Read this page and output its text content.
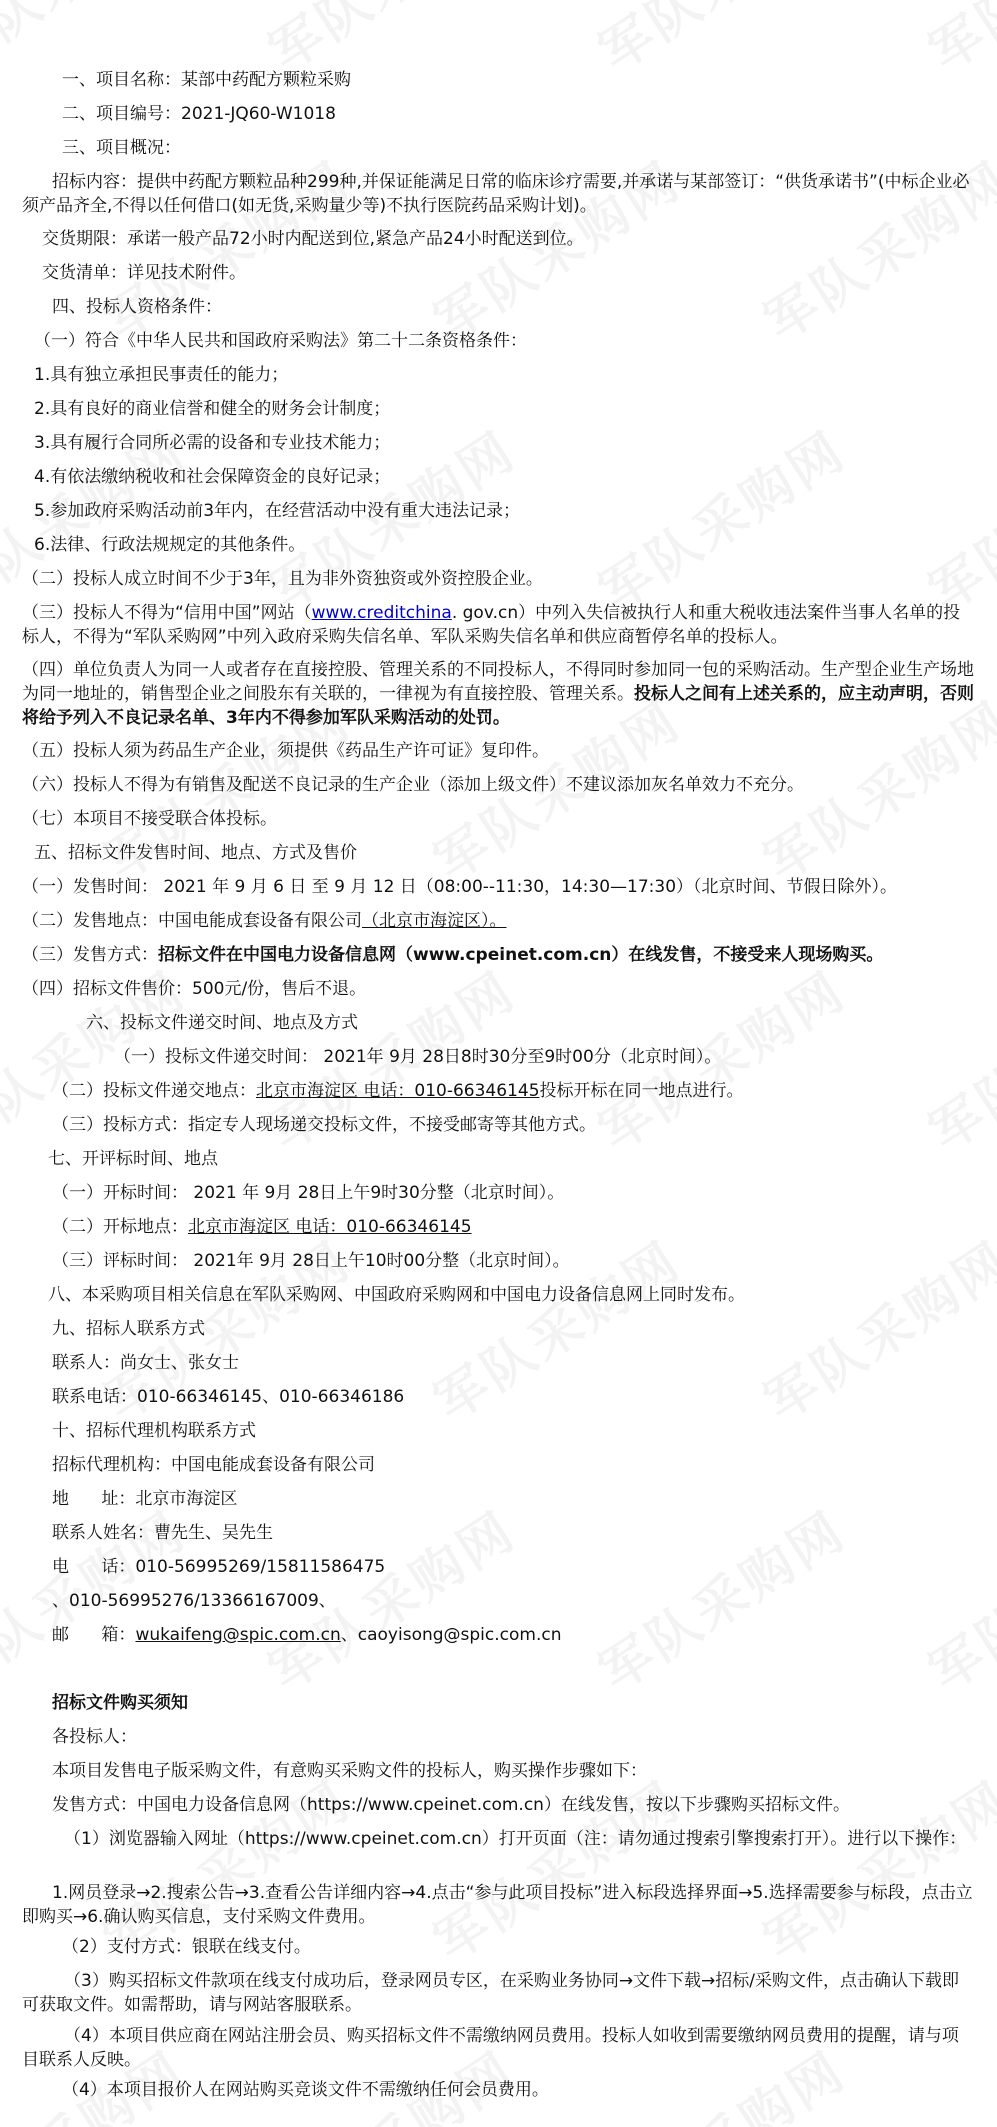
一、项目名称：某部中药配方颗粒采购
二、项目编号：2021-JQ60-W1018
三、项目概况：
招标内容：提供中药配方颗粒品种299种,并保证能满足日常的临床诊疗需要,并承诺与某部签订：“供货承诺书”(中标企业必须产品齐全,不得以任何借口(如无货,采购量少等)不执行医院药品采购计划)。
交货期限：承诺一般产品72小时内配送到位,紧急产品24小时配送到位。
交货清单：详见技术附件。
四、投标人资格条件：
（一）符合《中华人民共和国政府采购法》第二十二条资格条件：
1.具有独立承担民事责任的能力；
2.具有良好的商业信誉和健全的财务会计制度；
3.具有履行合同所必需的设备和专业技术能力；
4.有依法缴纳税收和社会保障资金的良好记录；
5.参加政府采购活动前3年内，在经营活动中没有重大违法记录；
6.法律、行政法规规定的其他条件。
（二）投标人成立时间不少于3年，且为非外资独资或外资控股企业。
（三）投标人不得为“信用中国”网站（www.creditchina. gov.cn）中列入失信被执行人和重大税收违法案件当事人名单的投标人，不得为“军队采购网”中列入政府采购失信名单、军队采购失信名单和供应商暂停名单的投标人。
（四）单位负责人为同一人或者存在直接控股、管理关系的不同投标人，不得同时参加同一包的采购活动。生产型企业生产场地为同一地址的，销售型企业之间股东有关联的，一律视为有直接控股、管理关系。投标人之间有上述关系的，应主动声明，否则将给予列入不良记录名单、3年内不得参加军队采购活动的处罚。
（五）投标人须为药品生产企业，须提供《药品生产许可证》复印件。
（六）投标人不得为有销售及配送不良记录的生产企业（添加上级文件）不建议添加灰名单效力不充分。
（七）本项目不接受联合体投标。
五、招标文件发售时间、地点、方式及售价
（一）发售时间： 2021 年 9 月 6 日 至 9 月 12 日（08:00--11:30，14:30—17:30）（北京时间、节假日除外）。
（二）发售地点：中国电能成套设备有限公司（北京市海淀区）。
（三）发售方式：招标文件在中国电力设备信息网（www.cpeinet.com.cn）在线发售，不接受来人现场购买。
（四）招标文件售价：500元/份，售后不退。
六、投标文件递交时间、地点及方式
（一）投标文件递交时间： 2021年 9月 28日8时30分至9时00分（北京时间）。
（二）投标文件递交地点：北京市海淀区 电话：010-66346145投标开标在同一地点进行。
（三）投标方式：指定专人现场递交投标文件，不接受邮寄等其他方式。
七、开评标时间、地点
（一）开标时间： 2021 年 9月 28日上午9时30分整（北京时间）。
（二）开标地点：北京市海淀区 电话：010-66346145
（三）评标时间： 2021年 9月 28日上午10时00分整（北京时间）。
八、本采购项目相关信息在军队采购网、中国政府采购网和中国电力设备信息网上同时发布。
九、招标人联系方式
联系人：尚女士、张女士
联系电话：010-66346145、010-66346186
十、招标代理机构联系方式
招标代理机构：中国电能成套设备有限公司
地      址：北京市海淀区
联系人姓名：曹先生、吴先生
电      话：010-56995269/15811586475
、010-56995276/13366167009、
邮      箱：wukaifeng@spic.com.cn、caoyisong@spic.com.cn
招标文件购买须知
各投标人：
本项目发售电子版采购文件，有意购买采购文件的投标人，购买操作步骤如下：
发售方式：中国电力设备信息网（https://www.cpeinet.com.cn）在线发售，按以下步骤购买招标文件。
（1）浏览器输入网址（https://www.cpeinet.com.cn）打开页面（注：请勿通过搜索引擎搜索打开）。进行以下操作：
1.网员登录→2.搜索公告→3.查看公告详细内容→4.点击“参与此项目投标”进入标段选择界面→5.选择需要参与标段，点击立即购买→6.确认购买信息，支付采购文件费用。
（2）支付方式：银联在线支付。
（3）购买招标文件款项在线支付成功后，登录网员专区，在采购业务协同→文件下载→招标/采购文件，点击确认下载即可获取文件。如需帮助，请与网站客服联系。
（4）本项目供应商在网站注册会员、购买招标文件不需缴纳网员费用。投标人如收到需要缴纳网员费用的提醒，请与项目联系人反映。
（4）本项目报价人在网站购买竞谈文件不需缴纳任何会员费用。
